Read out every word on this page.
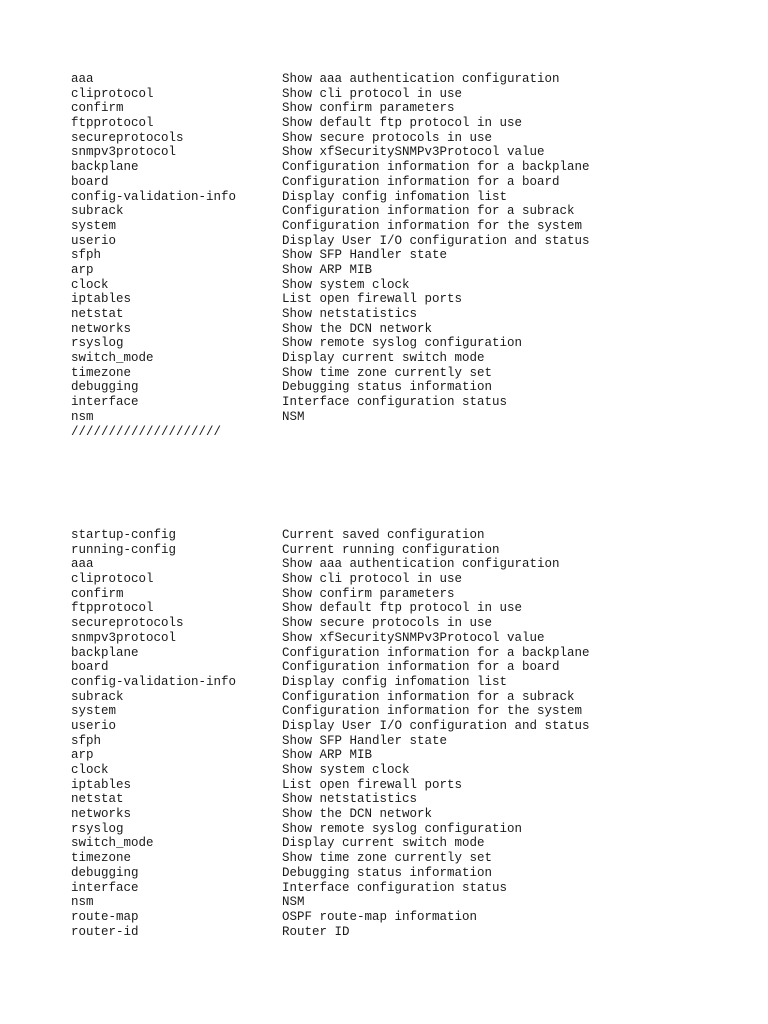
aaa	Show aaa authentication configuration
cliprotocol	Show cli protocol in use
confirm	Show confirm parameters
ftpprotocol	Show default ftp protocol in use
secureprotocols	Show secure protocols in use
snmpv3protocol	Show xfSecuritySNMPv3Protocol value
backplane	Configuration information for a backplane
board	Configuration information for a board
config-validation-info	Display config infomation list
subrack	Configuration information for a subrack
system	Configuration information for the system
userio	Display User I/O configuration and status
sfph	Show SFP Handler state
arp	Show ARP MIB
clock	Show system clock
iptables	List open firewall ports
netstat	Show netstatistics
networks	Show the DCN network
rsyslog	Show remote syslog configuration
switch_mode	Display current switch mode
timezone	Show time zone currently set
debugging	Debugging status information
interface	Interface configuration status
nsm	NSM
////////////////////
startup-config	Current saved configuration
running-config	Current running configuration
aaa	Show aaa authentication configuration
cliprotocol	Show cli protocol in use
confirm	Show confirm parameters
ftpprotocol	Show default ftp protocol in use
secureprotocols	Show secure protocols in use
snmpv3protocol	Show xfSecuritySNMPv3Protocol value
backplane	Configuration information for a backplane
board	Configuration information for a board
config-validation-info	Display config infomation list
subrack	Configuration information for a subrack
system	Configuration information for the system
userio	Display User I/O configuration and status
sfph	Show SFP Handler state
arp	Show ARP MIB
clock	Show system clock
iptables	List open firewall ports
netstat	Show netstatistics
networks	Show the DCN network
rsyslog	Show remote syslog configuration
switch_mode	Display current switch mode
timezone	Show time zone currently set
debugging	Debugging status information
interface	Interface configuration status
nsm	NSM
route-map	OSPF route-map information
router-id	Router ID
